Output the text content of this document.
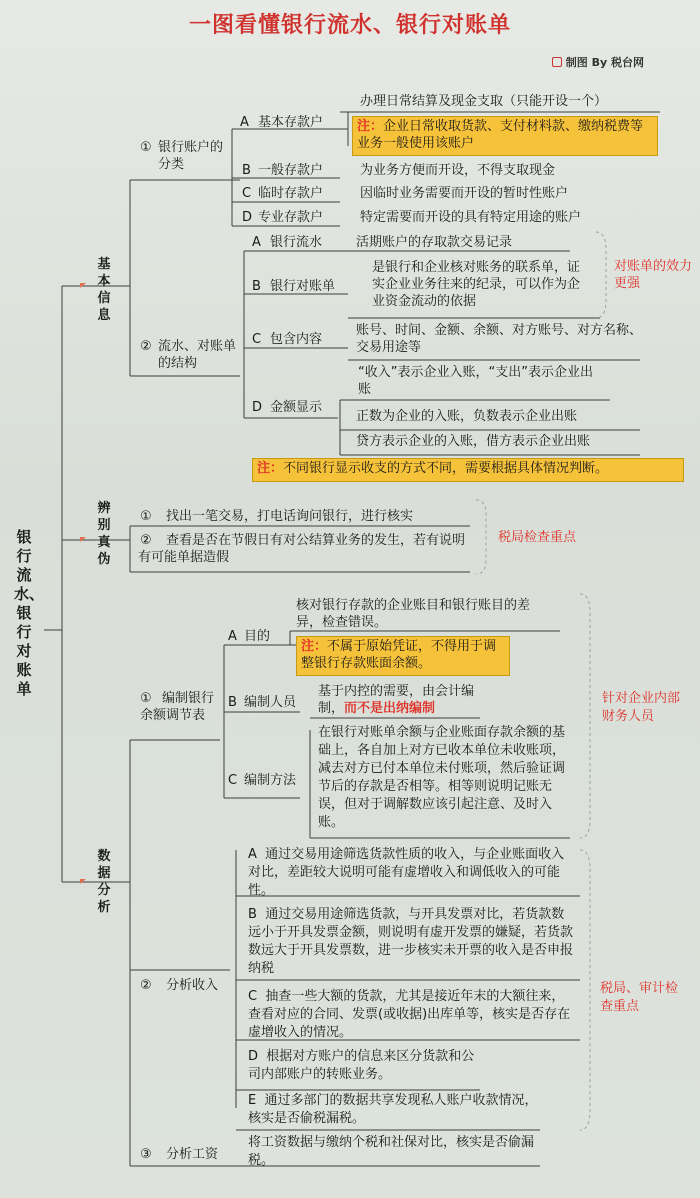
一图看懂银行流水、银行对账单
制图 By 税台网
银行流水、银行对账单
基本信息
① 银行账户的分类
A 基本存款户
办理日常结算及现金支取（只能开设一个）
注：企业日常收取货款、支付材料款、缴纳税费等业务一般使用该账户
B 一般存款户	为业务方便而开设，不得支取现金
C 临时存款户	因临时业务需要而开设的暂时性账户
D 专业存款户	特定需要而开设的具有特定用途的账户
② 流水、对账单的结构
A 银行流水	活期账户的存取款交易记录
B 银行对账单
是银行和企业核对账务的联系单，证实企业业务往来的纪录，可以作为企业资金流动的依据
对账单的效力更强
C 包含内容
账号、时间、金额、余额、对方账号、对方名称、交易用途等
D 金额显示
“收入”表示企业入账，“支出”表示企业出账
正数为企业的入账，负数表示企业出账
贷方表示企业的入账，借方表示企业出账
注：不同银行显示收支的方式不同，需要根据具体情况判断。
辨别真伪
① 找出一笔交易，打电话询问银行，进行核实
②	查看是否在节假日有对公结算业务的发生，若有说明有可能单据造假
税局检查重点
数据分析
① 编制银行余额调节表
A 目的
核对银行存款的企业账目和银行账目的差异，检查错误。
注：不属于原始凭证，不得用于调整银行存款账面余额。
B 编制人员
基于内控的需要，由会计编制，而不是出纳编制
C 编制方法
在银行对账单余额与企业账面存款余额的基础上，各自加上对方已收本单位未收账项，减去对方已付本单位未付账项，然后验证调节后的存款是否相等。相等则说明记账无误，但对于调解数应该引起注意、及时入账。
针对企业内部财务人员
② 分析收入
A 通过交易用途筛选货款性质的收入，与企业账面收入对比，差距较大说明可能有虚增收入和调低收入的可能性。
B 通过交易用途筛选货款，与开具发票对比，若货款数远小于开具发票金额，则说明有虚开发票的嫌疑，若货款数远大于开具发票数，进一步核实未开票的收入是否申报纳税
C 抽查一些大额的货款，尤其是接近年末的大额往来，查看对应的合同、发票(或收据)出库单等，核实是否存在虚增收入的情况。
D 根据对方账户的信息来区分货款和公司内部账户的转账业务。
E 通过多部门的数据共享发现私人账户收款情况，核实是否偷税漏税。
税局、审计检查重点
③ 分析工资
将工资数据与缴纳个税和社保对比，核实是否偷漏税。
